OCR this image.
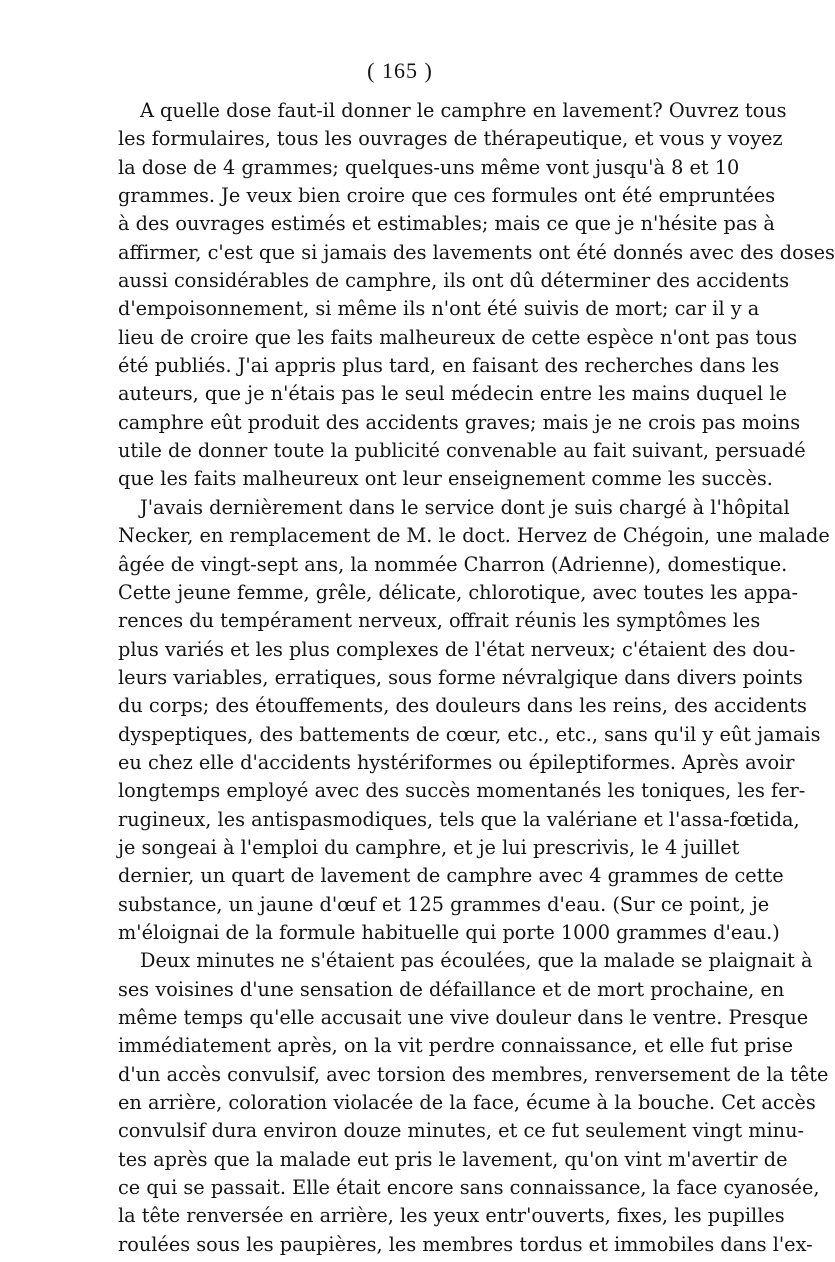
( 165 )
A quelle dose faut-il donner le camphre en lavement? Ouvrez tous
les formulaires, tous les ouvrages de thérapeutique, et vous y voyez
la dose de 4 grammes; quelques-uns même vont jusqu'à 8 et 10
grammes. Je veux bien croire que ces formules ont été empruntées
à des ouvrages estimés et estimables; mais ce que je n'hésite pas à
affirmer, c'est que si jamais des lavements ont été donnés avec des doses
aussi considérables de camphre, ils ont dû déterminer des accidents
d'empoisonnement, si même ils n'ont été suivis de mort; car il y a
lieu de croire que les faits malheureux de cette espèce n'ont pas tous
été publiés. J'ai appris plus tard, en faisant des recherches dans les
auteurs, que je n'étais pas le seul médecin entre les mains duquel le
camphre eût produit des accidents graves; mais je ne crois pas moins
utile de donner toute la publicité convenable au fait suivant, persuadé
que les faits malheureux ont leur enseignement comme les succès.
J'avais dernièrement dans le service dont je suis chargé à l'hôpital
Necker, en remplacement de M. le doct. Hervez de Chégoin, une malade
âgée de vingt-sept ans, la nommée Charron (Adrienne), domestique.
Cette jeune femme, grêle, délicate, chlorotique, avec toutes les appa-
rences du tempérament nerveux, offrait réunis les symptômes les
plus variés et les plus complexes de l'état nerveux; c'étaient des dou-
leurs variables, erratiques, sous forme névralgique dans divers points
du corps; des étouffements, des douleurs dans les reins, des accidents
dyspeptiques, des battements de cœur, etc., etc., sans qu'il y eût jamais
eu chez elle d'accidents hystériformes ou épileptiformes. Après avoir
longtemps employé avec des succès momentanés les toniques, les fer-
rugineux, les antispasmodiques, tels que la valériane et l'assa-fœtida,
je songeai à l'emploi du camphre, et je lui prescrivis, le 4 juillet
dernier, un quart de lavement de camphre avec 4 grammes de cette
substance, un jaune d'œuf et 125 grammes d'eau. (Sur ce point, je
m'éloignai de la formule habituelle qui porte 1000 grammes d'eau.)
Deux minutes ne s'étaient pas écoulées, que la malade se plaignait à
ses voisines d'une sensation de défaillance et de mort prochaine, en
même temps qu'elle accusait une vive douleur dans le ventre. Presque
immédiatement après, on la vit perdre connaissance, et elle fut prise
d'un accès convulsif, avec torsion des membres, renversement de la tête
en arrière, coloration violacée de la face, écume à la bouche. Cet accès
convulsif dura environ douze minutes, et ce fut seulement vingt minu-
tes après que la malade eut pris le lavement, qu'on vint m'avertir de
ce qui se passait. Elle était encore sans connaissance, la face cyanosée,
la tête renversée en arrière, les yeux entr'ouverts, fixes, les pupilles
roulées sous les paupières, les membres tordus et immobiles dans l'ex-
